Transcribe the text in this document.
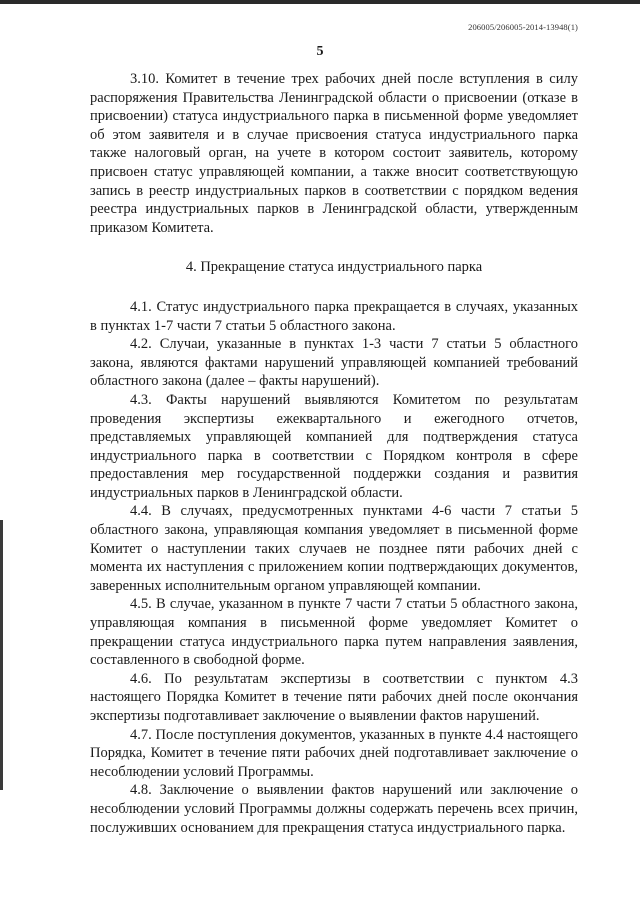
206005/206005-2014-13948(1)
5

3.10. Комитет в течение трех рабочих дней после вступления в силу распоряжения Правительства Ленинградской области о присвоении (отказе в присвоении) статуса индустриального парка в письменной форме уведомляет об этом заявителя и в случае присвоения статуса индустриального парка также налоговый орган, на учете в котором состоит заявитель, которому присвоен статус управляющей компании, а также вносит соответствующую запись в реестр индустриальных парков в соответствии с порядком ведения реестра индустриальных парков в Ленинградской области, утвержденным приказом Комитета.

4. Прекращение статуса индустриального парка

4.1. Статус индустриального парка прекращается в случаях, указанных в пунктах 1-7 части 7 статьи 5 областного закона.

4.2. Случаи, указанные в пунктах 1-3 части 7 статьи 5 областного закона, являются фактами нарушений управляющей компанией требований областного закона (далее – факты нарушений).

4.3. Факты нарушений выявляются Комитетом по результатам проведения экспертизы ежеквартального и ежегодного отчетов, представляемых управляющей компанией для подтверждения статуса индустриального парка в соответствии с Порядком контроля в сфере предоставления мер государственной поддержки создания и развития индустриальных парков в Ленинградской области.

4.4. В случаях, предусмотренных пунктами 4-6 части 7 статьи 5 областного закона, управляющая компания уведомляет в письменной форме Комитет о наступлении таких случаев не позднее пяти рабочих дней с момента их наступления с приложением копии подтверждающих документов, заверенных исполнительным органом управляющей компании.

4.5. В случае, указанном в пункте 7 части 7 статьи 5 областного закона, управляющая компания в письменной форме уведомляет Комитет о прекращении статуса индустриального парка путем направления заявления, составленного в свободной форме.

4.6. По результатам экспертизы в соответствии с пунктом 4.3 настоящего Порядка Комитет в течение пяти рабочих дней после окончания экспертизы подготавливает заключение о выявлении фактов нарушений.

4.7. После поступления документов, указанных в пункте 4.4 настоящего Порядка, Комитет в течение пяти рабочих дней подготавливает заключение о несоблюдении условий Программы.

4.8. Заключение о выявлении фактов нарушений или заключение о несоблюдении условий Программы должны содержать перечень всех причин, послуживших основанием для прекращения статуса индустриального парка.
